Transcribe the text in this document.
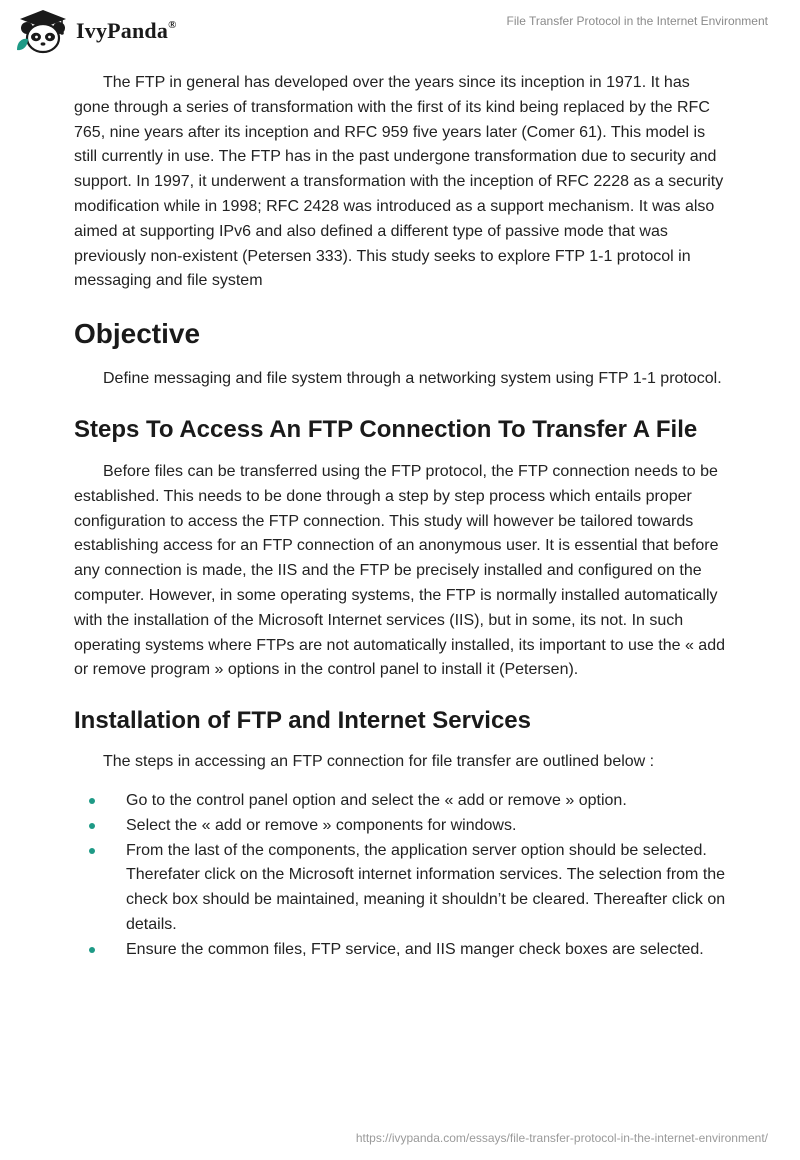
IvyPanda®	File Transfer Protocol in the Internet Environment

The FTP in general has developed over the years since its inception in 1971. It has gone through a series of transformation with the first of its kind being replaced by the RFC 765, nine years after its inception and RFC 959 five years later (Comer 61). This model is still currently in use. The FTP has in the past undergone transformation due to security and support. In 1997, it underwent a transformation with the inception of RFC 2228 as a security modification while in 1998; RFC 2428 was introduced as a support mechanism. It was also aimed at supporting IPv6 and also defined a different type of passive mode that was previously non-existent (Petersen 333). This study seeks to explore FTP 1-1 protocol in messaging and file system

Objective

Define messaging and file system through a networking system using FTP 1-1 protocol.

Steps To Access An FTP Connection To Transfer A File

Before files can be transferred using the FTP protocol, the FTP connection needs to be established. This needs to be done through a step by step process which entails proper configuration to access the FTP connection. This study will however be tailored towards establishing access for an FTP connection of an anonymous user. It is essential that before any connection is made, the IIS and the FTP be precisely installed and configured on the computer. However, in some operating systems, the FTP is normally installed automatically with the installation of the Microsoft Internet services (IIS), but in some, its not. In such operating systems where FTPs are not automatically installed, its important to use the « add or remove program » options in the control panel to install it (Petersen).

Installation of FTP and Internet Services

The steps in accessing an FTP connection for file transfer are outlined below :

Go to the control panel option and select the « add or remove » option.
Select the « add or remove » components for windows.
From the last of the components, the application server option should be selected. Therefater click on the Microsoft internet information services. The selection from the check box should be maintained, meaning it shouldn’t be cleared. Thereafter click on details.
Ensure the common files, FTP service, and IIS manger check boxes are selected.
https://ivypanda.com/essays/file-transfer-protocol-in-the-internet-environment/
